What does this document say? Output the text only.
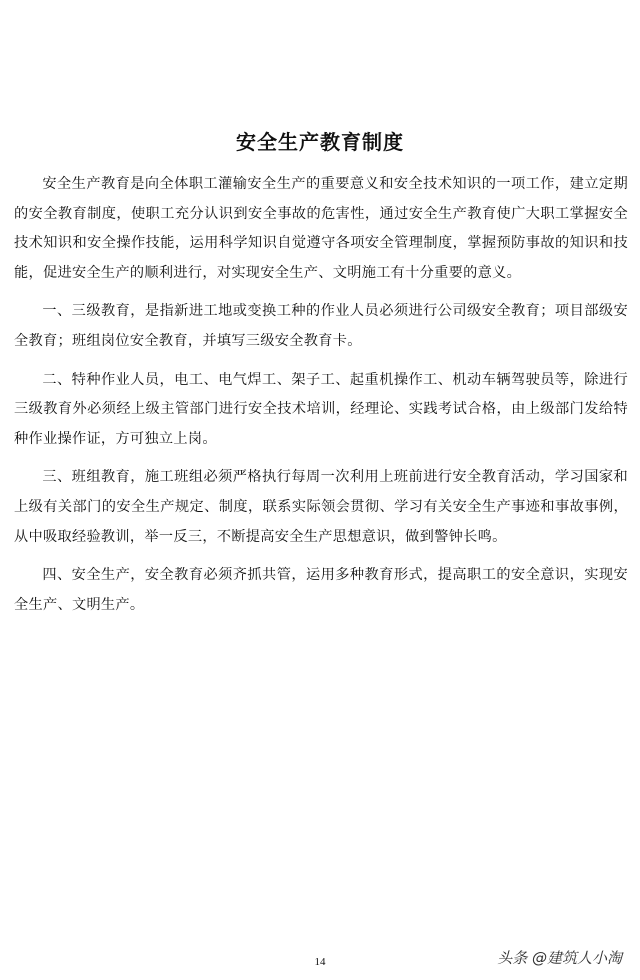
安全生产教育制度

安全生产教育是向全体职工灌输安全生产的重要意义和安全技术知识的一项工作，建立定期的安全教育制度，使职工充分认识到安全事故的危害性，通过安全生产教育使广大职工掌握安全技术知识和安全操作技能，运用科学知识自觉遵守各项安全管理制度，掌握预防事故的知识和技能，促进安全生产的顺利进行，对实现安全生产、文明施工有十分重要的意义。

一、三级教育，是指新进工地或变换工种的作业人员必须进行公司级安全教育；项目部级安全教育；班组岗位安全教育，并填写三级安全教育卡。

二、特种作业人员，电工、电气焊工、架子工、起重机操作工、机动车辆驾驶员等，除进行三级教育外必须经上级主管部门进行安全技术培训，经理论、实践考试合格，由上级部门发给特种作业操作证，方可独立上岗。

三、班组教育，施工班组必须严格执行每周一次利用上班前进行安全教育活动，学习国家和上级有关部门的安全生产规定、制度，联系实际领会贯彻、学习有关安全生产事迹和事故事例，从中吸取经验教训，举一反三，不断提高安全生产思想意识，做到警钟长鸣。

四、安全生产，安全教育必须齐抓共管，运用多种教育形式，提高职工的安全意识，实现安全生产、文明生产。

14	头条 @建筑人小淘
